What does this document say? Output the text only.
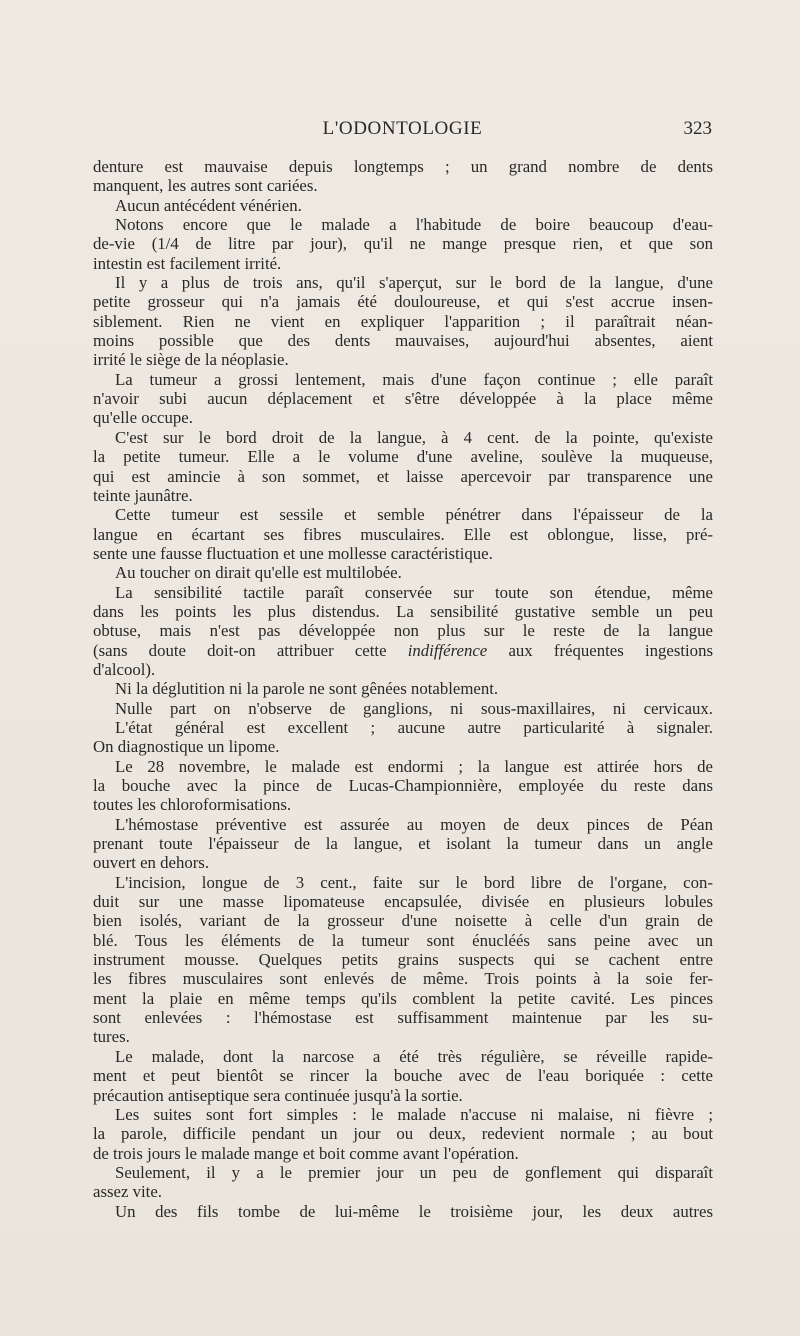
L'ODONTOLOGIE	323
denture est mauvaise depuis longtemps ; un grand nombre de dents
manquent, les autres sont cariées.
Aucun antécédent vénérien.
Notons encore que le malade a l'habitude de boire beaucoup d'eau-
de-vie (1/4 de litre par jour), qu'il ne mange presque rien, et que son
intestin est facilement irrité.
Il y a plus de trois ans, qu'il s'aperçut, sur le bord de la langue, d'une
petite grosseur qui n'a jamais été douloureuse, et qui s'est accrue insen-
siblement. Rien ne vient en expliquer l'apparition ; il paraîtrait néan-
moins possible que des dents mauvaises, aujourd'hui absentes, aient
irrité le siège de la néoplasie.
La tumeur a grossi lentement, mais d'une façon continue ; elle paraît
n'avoir subi aucun déplacement et s'être développée à la place même
qu'elle occupe.
C'est sur le bord droit de la langue, à 4 cent. de la pointe, qu'existe
la petite tumeur. Elle a le volume d'une aveline, soulève la muqueuse,
qui est amincie à son sommet, et laisse apercevoir par transparence une
teinte jaunâtre.
Cette tumeur est sessile et semble pénétrer dans l'épaisseur de la
langue en écartant ses fibres musculaires. Elle est oblongue, lisse, pré-
sente une fausse fluctuation et une mollesse caractéristique.
Au toucher on dirait qu'elle est multilobée.
La sensibilité tactile paraît conservée sur toute son étendue, même
dans les points les plus distendus. La sensibilité gustative semble un peu
obtuse, mais n'est pas développée non plus sur le reste de la langue
(sans doute doit-on attribuer cette indifférence aux fréquentes ingestions
d'alcool).
Ni la déglutition ni la parole ne sont gênées notablement.
Nulle part on n'observe de ganglions, ni sous-maxillaires, ni cervicaux.
L'état général est excellent ; aucune autre particularité à signaler.
On diagnostique un lipome.
Le 28 novembre, le malade est endormi ; la langue est attirée hors de
la bouche avec la pince de Lucas-Championnière, employée du reste dans
toutes les chloroformisations.
L'hémostase préventive est assurée au moyen de deux pinces de Péan
prenant toute l'épaisseur de la langue, et isolant la tumeur dans un angle
ouvert en dehors.
L'incision, longue de 3 cent., faite sur le bord libre de l'organe, con-
duit sur une masse lipomateuse encapsulée, divisée en plusieurs lobules
bien isolés, variant de la grosseur d'une noisette à celle d'un grain de
blé. Tous les éléments de la tumeur sont énucléés sans peine avec un
instrument mousse. Quelques petits grains suspects qui se cachent entre
les fibres musculaires sont enlevés de même. Trois points à la soie fer-
ment la plaie en même temps qu'ils comblent la petite cavité. Les pinces
sont enlevées : l'hémostase est suffisamment maintenue par les su-
tures.
Le malade, dont la narcose a été très régulière, se réveille rapide-
ment et peut bientôt se rincer la bouche avec de l'eau boriquée : cette
précaution antiseptique sera continuée jusqu'à la sortie.
Les suites sont fort simples : le malade n'accuse ni malaise, ni fièvre ;
la parole, difficile pendant un jour ou deux, redevient normale ; au bout
de trois jours le malade mange et boit comme avant l'opération.
Seulement, il y a le premier jour un peu de gonflement qui disparaît
assez vite.
Un des fils tombe de lui-même le troisième jour, les deux autres
